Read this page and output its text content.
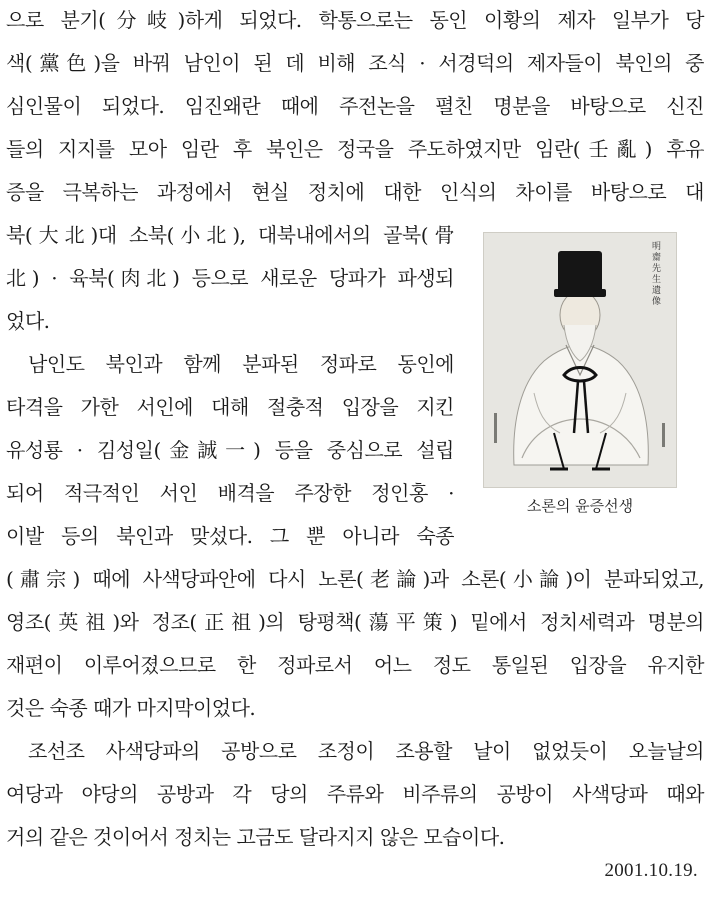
으로 분기(分岐)하게 되었다. 학통으로는 동인 이황의 제자 일부가 당
색(黨色)을 바꿔 남인이 된 데 비해 조식 · 서경덕의 제자들이 북인의 중
심인물이 되었다. 임진왜란 때에 주전논을 펼친 명분을 바탕으로 신진
들의 지지를 모아 임란 후 북인은 정국을 주도하였지만 임란(壬亂) 후유
증을 극복하는 과정에서 현실 정치에 대한 인식의 차이를 바탕으로 대
북(大北)대 소북(小北), 대북내에서의 골북(骨
北) · 육북(肉北) 등으로 새로운 당파가 파생되
었다.
남인도 북인과 함께 분파된 정파로 동인에
타격을 가한 서인에 대해 절충적 입장을 지킨
유성룡 · 김성일(金誠一) 등을 중심으로 설립
되어 적극적인 서인 배격을 주장한 정인홍 ·
이발 등의 북인과 맞섰다. 그 뿐 아니라 숙종
(肅宗) 때에 사색당파안에 다시 노론(老論)과 소론(小論)이 분파되었고,
영조(英祖)와 정조(正祖)의 탕평책(蕩平策) 밑에서 정치세력과 명분의
재편이 이루어졌으므로 한 정파로서 어느 정도 통일된 입장을 유지한
것은 숙종 때가 마지막이었다.
조선조 사색당파의 공방으로 조정이 조용할 날이 없었듯이 오늘날의
여당과 야당의 공방과 각 당의 주류와 비주류의 공방이 사색당파 때와
거의 같은 것이어서 정치는 고금도 달라지지 않은 모습이다.
明
齋
先
生
遺
像
소론의 윤증선생
2001.10.19.
